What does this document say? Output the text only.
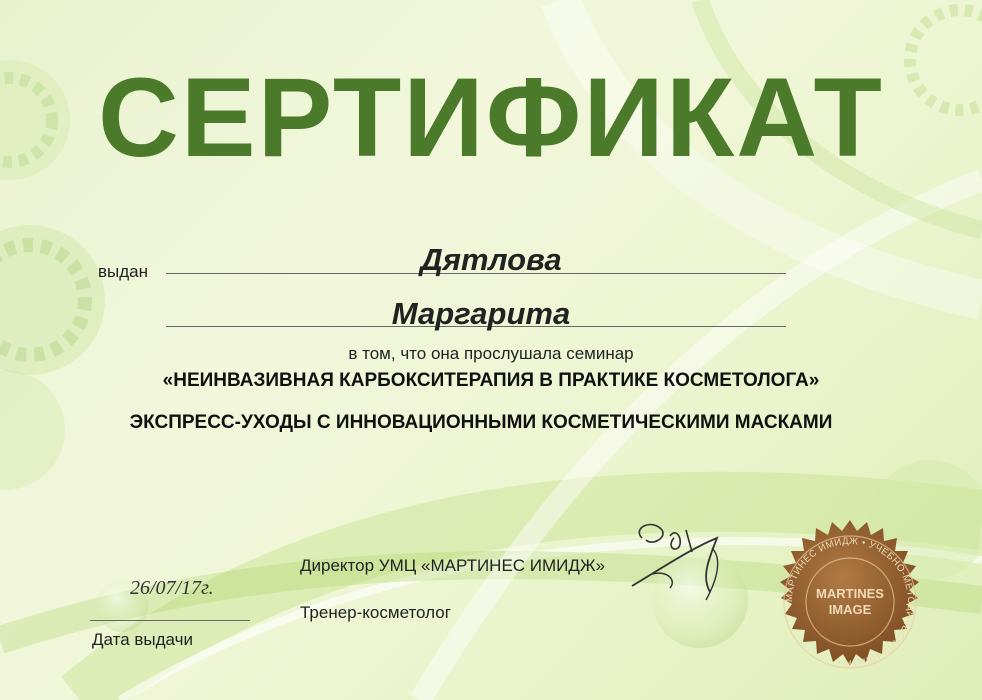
СЕРТИФИКАТ
выдан	Дятлова
Маргарита
в том, что она прослушала семинар
«НЕИНВАЗИВНАЯ КАРБОКСИТЕРАПИЯ В ПРАКТИКЕ КОСМЕТОЛОГА»
ЭКСПРЕСС-УХОДЫ С ИННОВАЦИОННЫМИ КОСМЕТИЧЕСКИМИ МАСКАМИ
Директор УМЦ «МАРТИНЕС ИМИДЖ»
Тренер-косметолог
26/07/17г.
Дата выдачи
МАРТИНЕС ИМИДЖ • УЧЕБНО-МЕТОДИЧЕСКИЙ ЦЕНТР •
MARTINES
IMAGE
